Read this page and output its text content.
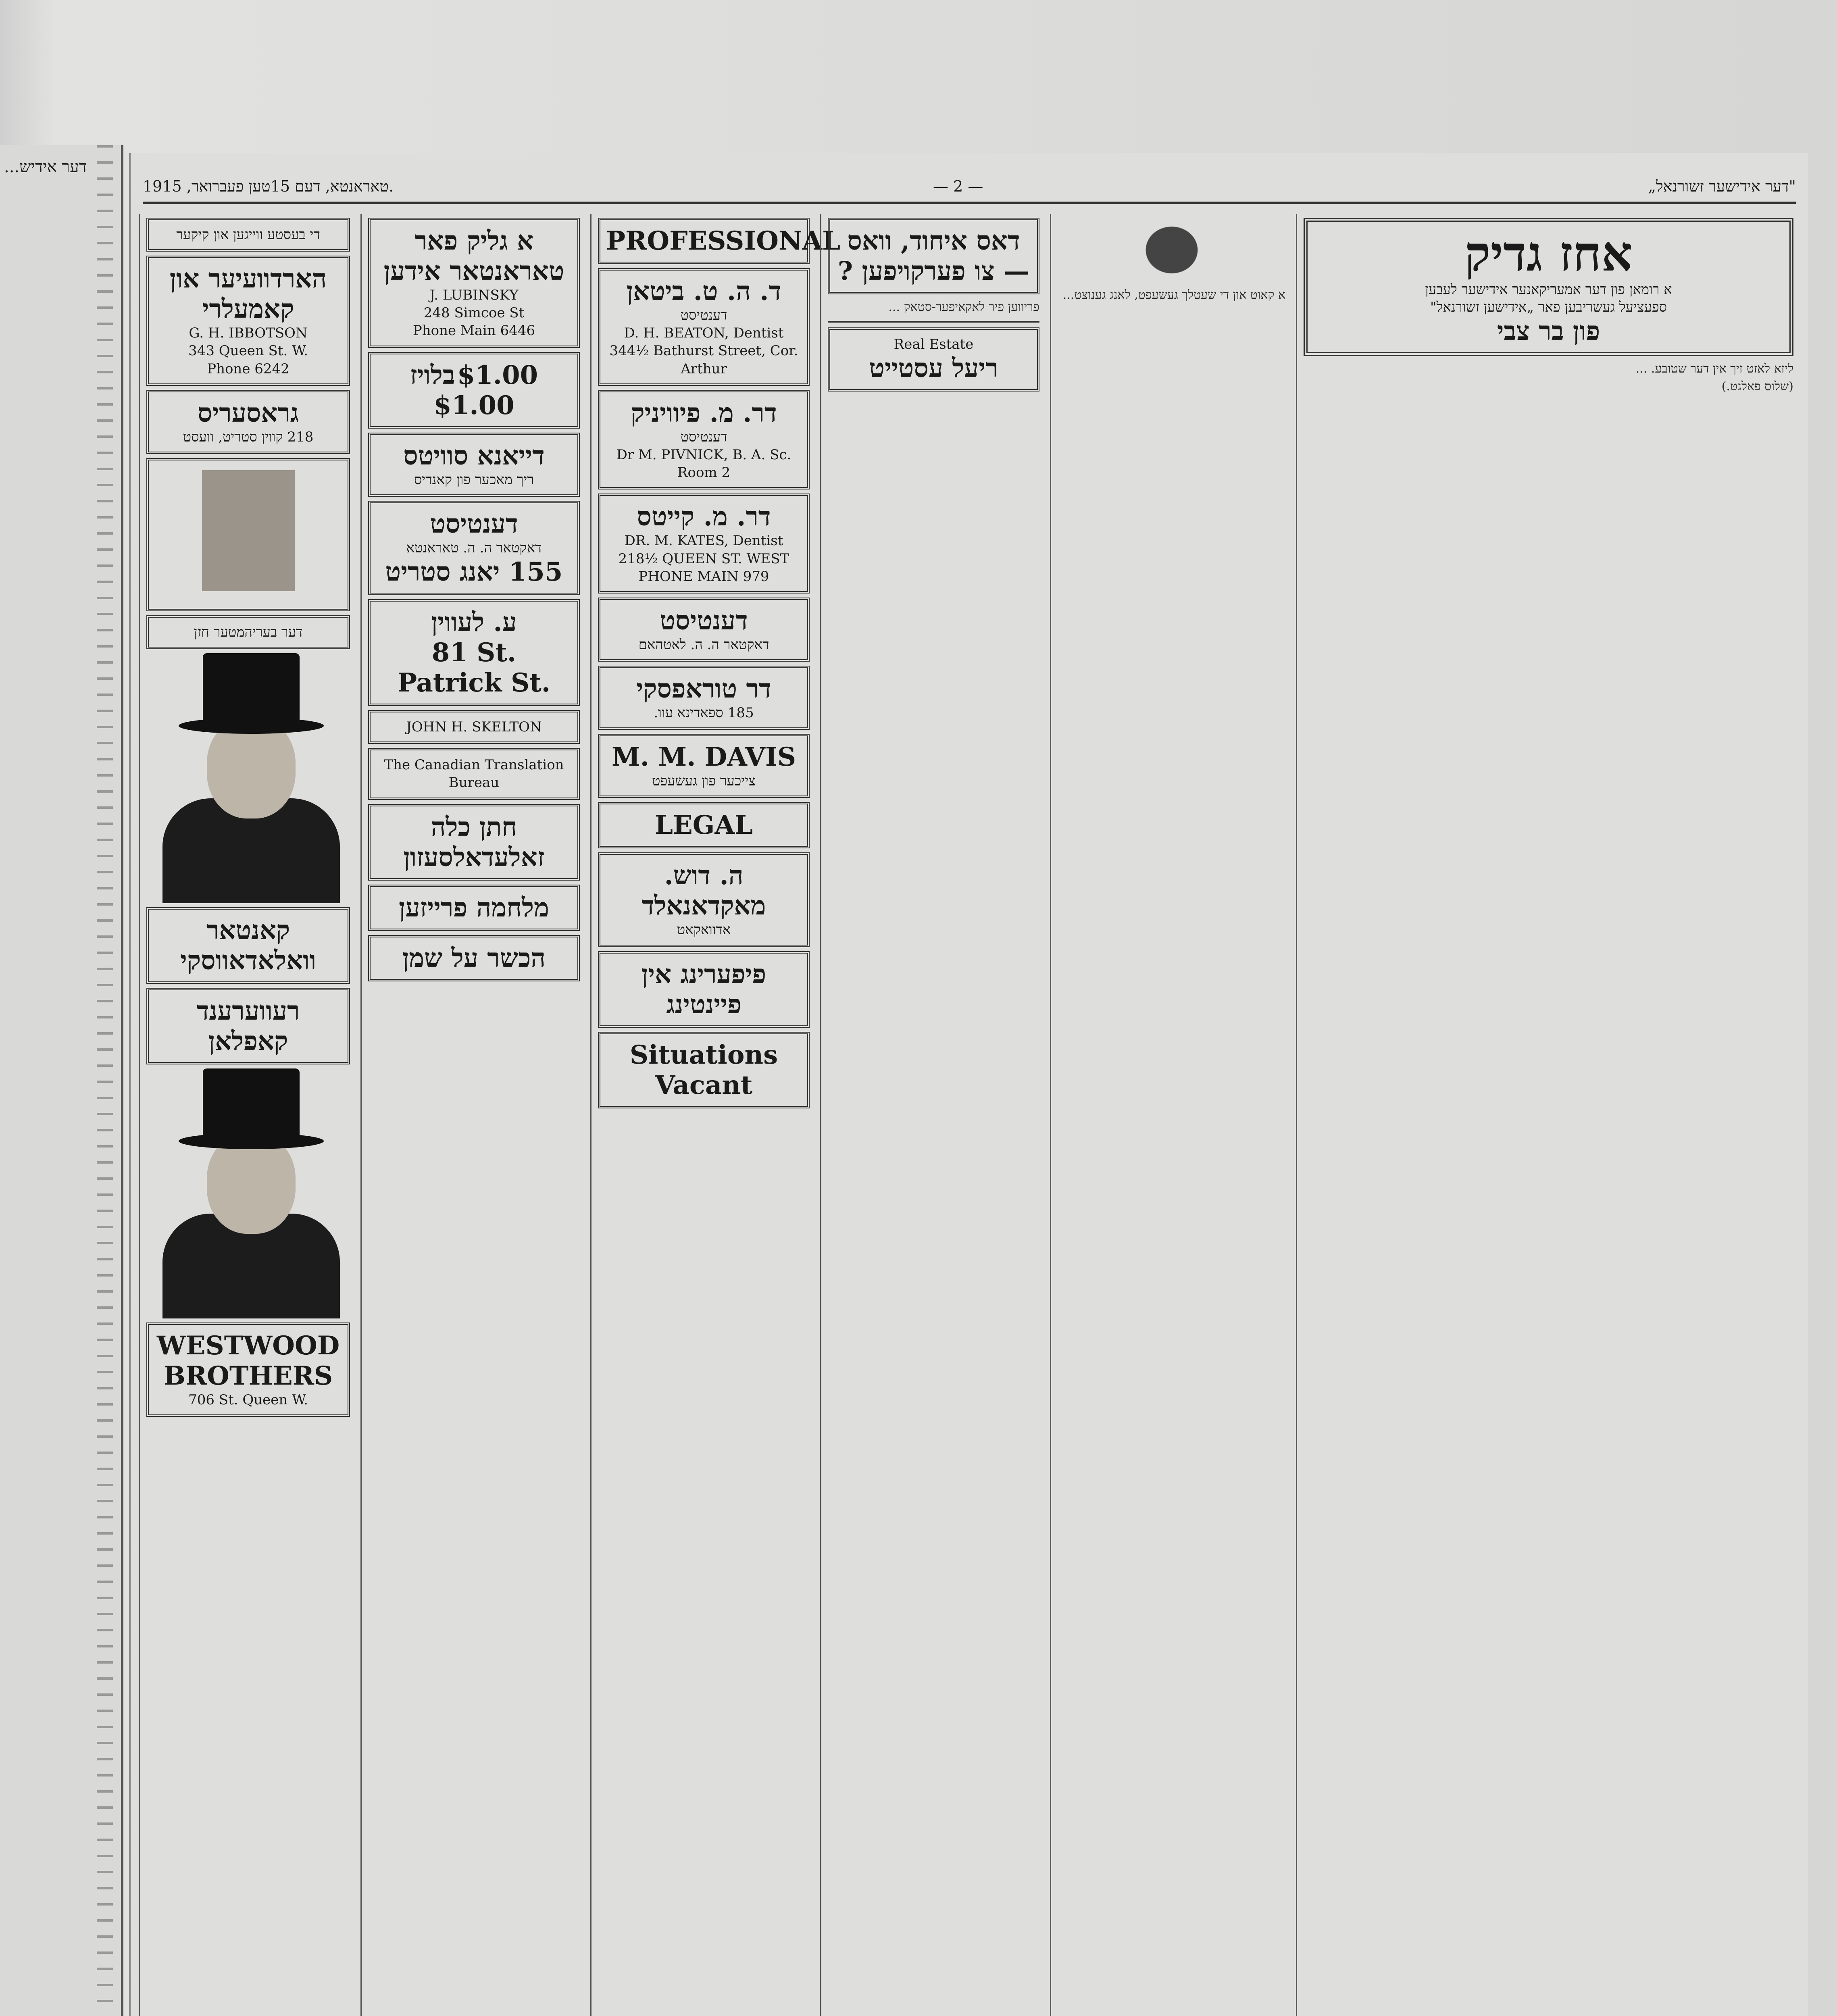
...דער אידיש
טאראנטא, דעם 15טען פעברואר, 1915.	— 2 —	„דער אידישער זשורנאל"
די בעסטע ווייגען און קיקער
הארדוועיער און קאמעלרי
G. H. IBBOTSON
343 Queen St. W.
Phone 6242
גראסעריס
218 קווין סטריט, וועסט
דער בעריהמטער חזן
קאנטאר וואלאדאווסקי
רעווערענד קאפלאן
WESTWOOD BROTHERS
706 St. Queen W.
א גליק פאר טאראנטאר אידען
J. LUBINSKY
248 Simcoe St
Phone Main 6446
$1.00 בלויז $1.00
דייאנא סוויטס
ריך מאכער פון קאנדיס
דענטיסט
דאקטאר ה. ה. טאראנטא
155 יאנג סטריט
ע. לעווין
81 St. Patrick St.
JOHN H. SKELTON
The Canadian Translation Bureau
חתן כלה
זאלעדאלסעזון
מלחמה פרייזען
הכשר על שמן
PROFESSIONAL
ד. ה. ט. ביטאן
דענטיסט
D. H. BEATON, Dentist
344½ Bathurst Street, Cor. Arthur
דר. מ. פיוויניק
דענטיסט
Dr M. PIVNICK, B. A. Sc.
Room 2
דר. מ. קייטס
DR. M. KATES, Dentist
218½ QUEEN ST. WEST
PHONE MAIN 979
דענטיסט
דאקטאר ה. ה. לאטהאם
דר טוראפסקי
185 ספאדינא עוו.
M. M. DAVIS
צייכער פון געשעפט
LEGAL
ה. דוש. מאקדאנאלד
אדוואקאט
פיפערינג אין פיינטינג
Situations Vacant
דאס איחוד, וואס
— צו פערקויפען ?
פריווען פיר לאקאיפער-סטאק ...
Real Estate
ריעל עסטייט
א קאוט און די שעטלך געשעפט, לאנג גענוצט...
אחז גדיק
א רומאן פון דער אמעריקאנער אידישער לעבען
ספעציעל געשריבען פאר „אידישען זשורנאל"
פון בר צבי
ליזא לאזט זיך אין דער שטובע. ...
(שלוס פאלגט.)
